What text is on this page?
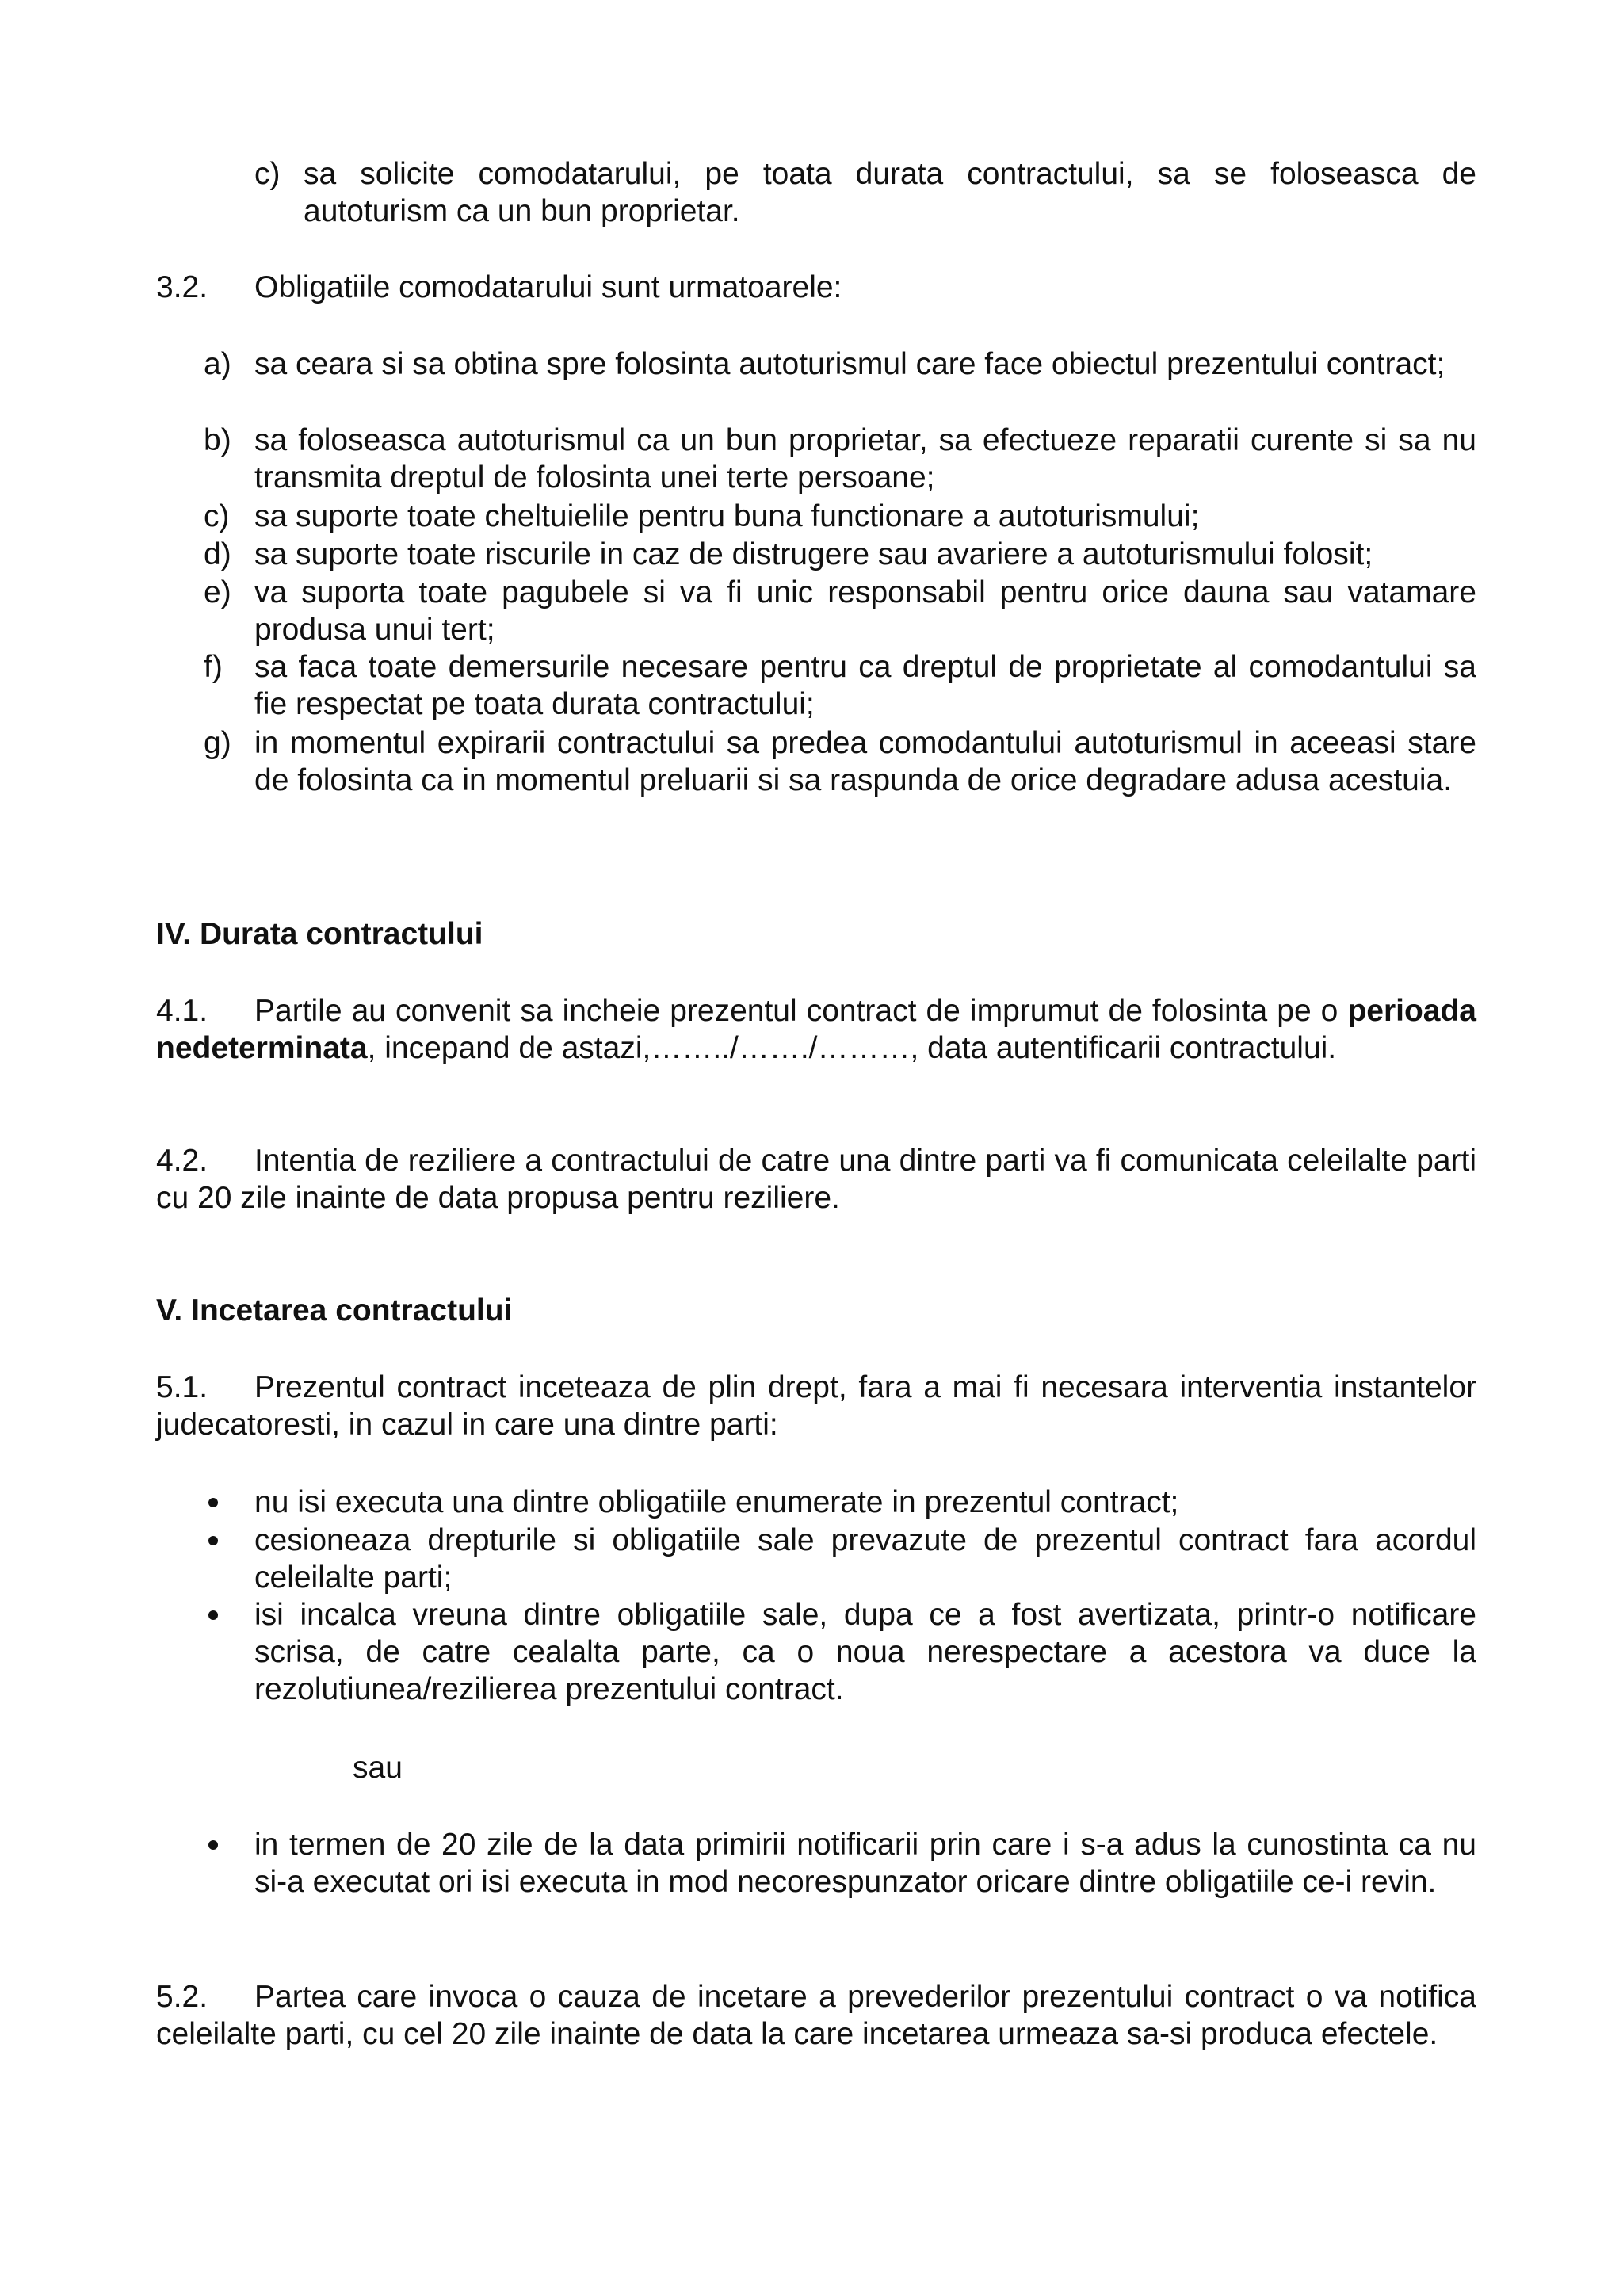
c) sa solicite comodatarului, pe toata durata contractului, sa se foloseasca de autoturism ca un bun proprietar.

3.2. Obligatiile comodatarului sunt urmatoarele:

a) sa ceara si sa obtina spre folosinta autoturismul care face obiectul prezentului contract;

b) sa foloseasca autoturismul ca un bun proprietar, sa efectueze reparatii curente si sa nu transmita dreptul de folosinta unei terte persoane;

c) sa suporte toate cheltuielile pentru buna functionare a autoturismului;

d) sa suporte toate riscurile in caz de distrugere sau avariere a autoturismului folosit;

e) va suporta toate pagubele si va fi unic responsabil pentru orice dauna sau vatamare produsa unui tert;

f) sa faca toate demersurile necesare pentru ca dreptul de proprietate al comodantului sa fie respectat pe toata durata contractului;

g) in momentul expirarii contractului sa predea comodantului autoturismul in aceeasi stare de folosinta ca in momentul preluarii si sa raspunda de orice degradare adusa acestuia.

IV. Durata contractului
4.1.	Partile au convenit sa incheie prezentul contract de imprumut de folosinta pe o perioada nedeterminata, incepand de astazi,……../……./………, data autentificarii contractului.

4.2.	Intentia de reziliere a contractului de catre una dintre parti va fi comunicata celeilalte parti cu 20 zile inainte de data propusa pentru reziliere.

V. Incetarea contractului
5.1.	Prezentul contract inceteaza de plin drept, fara a mai fi necesara interventia instantelor judecatoresti, in cazul in care una dintre parti:

nu isi executa una dintre obligatiile enumerate in prezentul contract;

cesioneaza drepturile si obligatiile sale prevazute de prezentul contract fara acordul celeilalte parti;

isi incalca vreuna dintre obligatiile sale, dupa ce a fost avertizata, printr-o notificare scrisa, de catre cealalta parte, ca o noua nerespectare a acestora va duce la rezolutiunea/rezilierea prezentului contract.

sau

in termen de 20 zile de la data primirii notificarii prin care i s-a adus la cunostinta ca nu si-a executat ori isi executa in mod necorespunzator oricare dintre obligatiile ce-i revin.

5.2.	Partea care invoca o cauza de incetare a prevederilor prezentului contract o va notifica celeilalte parti, cu cel 20 zile inainte de data la care incetarea urmeaza sa-si produca efectele.
